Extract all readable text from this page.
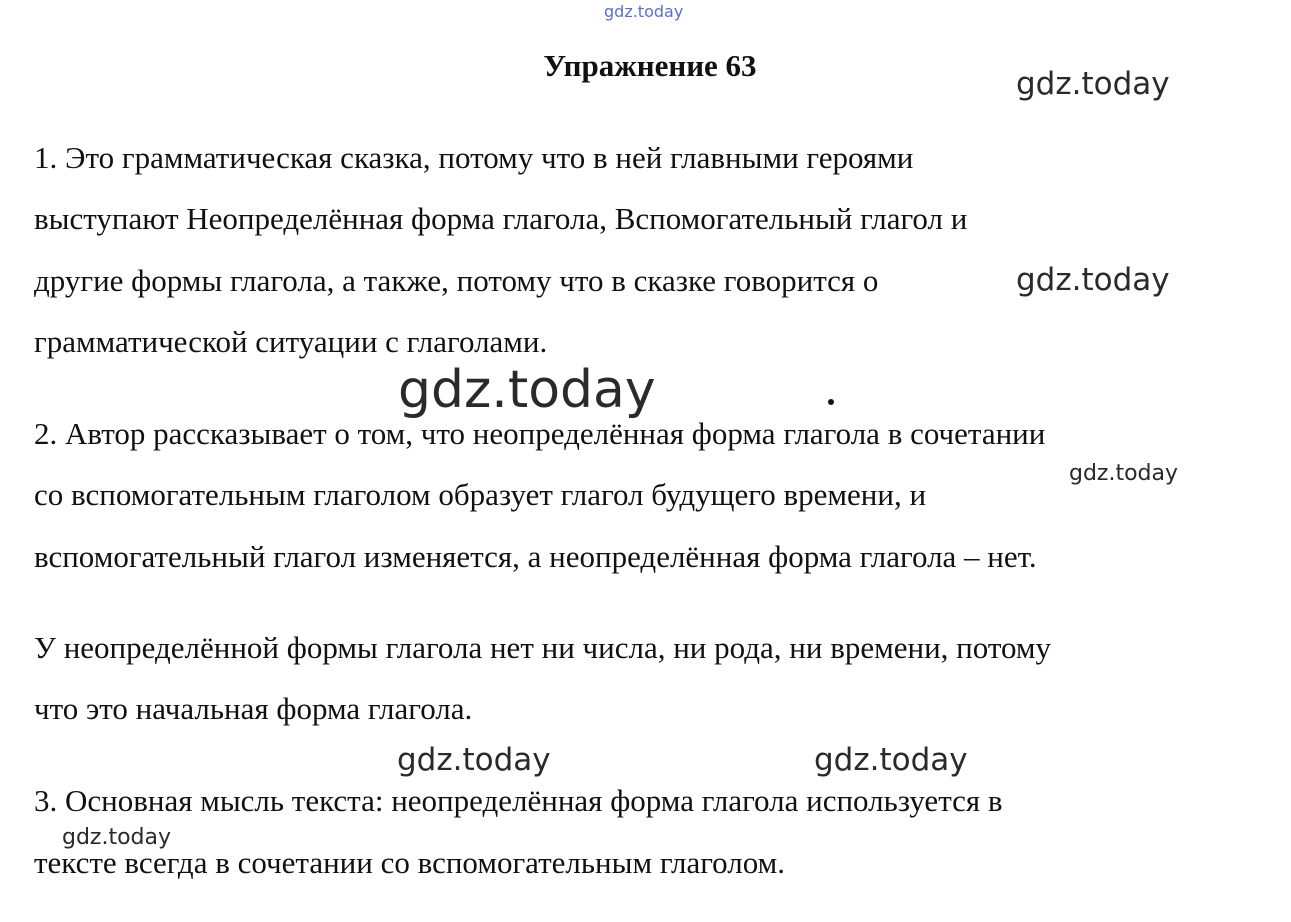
gdz.today
gdz.today
Упражнение 63
1. Это грамматическая сказка, потому что в ней главными героями
выступают Неопределённая форма глагола, Вспомогательный глагол и
другие формы глагола, а также, потому что в сказке говорится о	gdz.today
грамматической ситуации с глаголами.
gdz.today
2. Автор рассказывает о том, что неопределённая форма глагола в сочетании
gdz.today
со вспомогательным глаголом образует глагол будущего времени, и
вспомогательный глагол изменяется, а неопределённая форма глагола – нет.
У неопределённой формы глагола нет ни числа, ни рода, ни времени, потому
что это начальная форма глагола.
gdz.today	gdz.today
3. Основная мысль текста: неопределённая форма глагола используется в
gdz.today
тексте всегда в сочетании со вспомогательным глаголом.
